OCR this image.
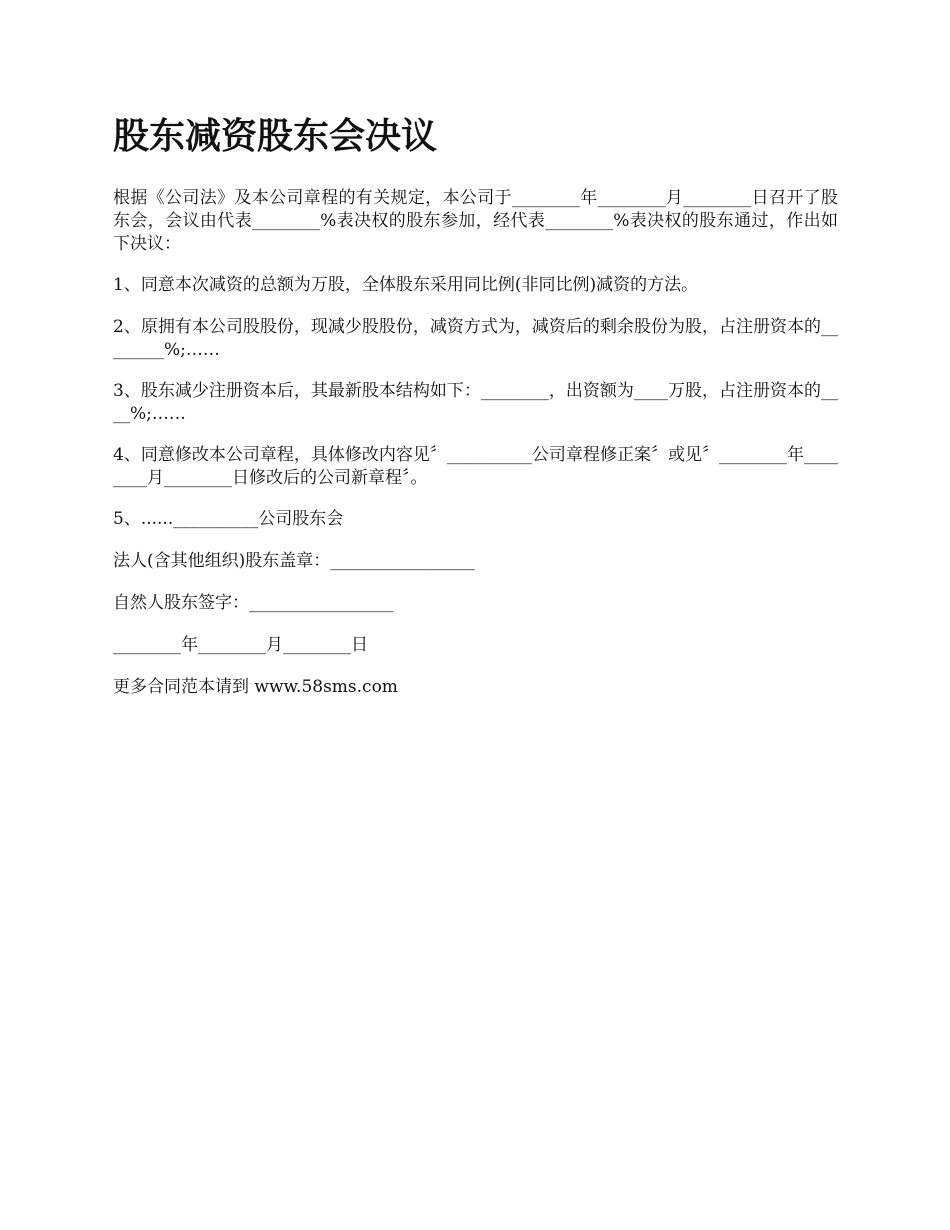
股东减资股东会决议

根据《公司法》及本公司章程的有关规定，本公司于________年________月________日召开了股东会，会议由代表________%表决权的股东参加，经代表________%表决权的股东通过，作出如下决议：

1、同意本次减资的总额为万股，全体股东采用同比例(非同比例)减资的方法。

2、原拥有本公司股股份，现减少股股份，减资方式为，减资后的剩余股份为股，占注册资本的________%;……

3、股东减少注册资本后，其最新股本结构如下：________，出资额为____万股，占注册资本的____%;……

4、同意修改本公司章程，具体修改内容见〞__________公司章程修正案〞或见〞________年________月________日修改后的公司新章程〞。

5、......__________公司股东会

法人(含其他组织)股东盖章：_________________

自然人股东签字：_________________

________年________月________日

更多合同范本请到 www.58sms.com
